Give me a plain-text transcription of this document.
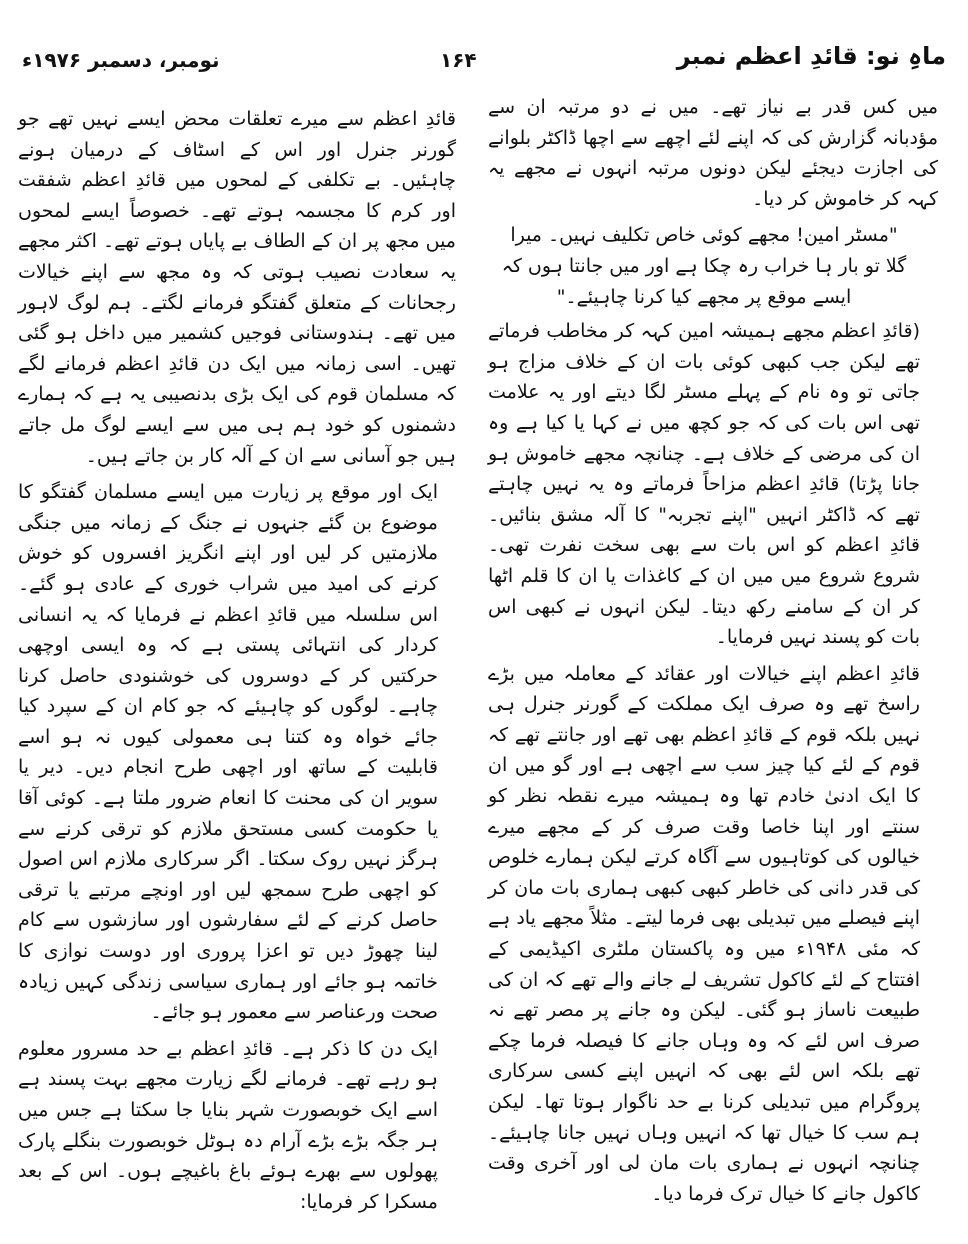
نومبر، دسمبر ۱۹۷۶ء	۱۶۴	ماہِ نو: قائدِ اعظم نمبر

قائدِ اعظم سے میرے تعلقات محض ایسے نہیں تھے جو گورنر جنرل اور اس کے اسٹاف کے درمیان ہونے چاہئیں۔ بے تکلفی کے لمحوں میں قائدِ اعظم شفقت اور کرم کا مجسمہ ہوتے تھے۔ خصوصاً ایسے لمحوں میں مجھ پر ان کے الطاف بے پایاں ہوتے تھے۔ اکثر مجھے یہ سعادت نصیب ہوتی کہ وہ مجھ سے اپنے خیالات رجحانات کے متعلق گفتگو فرمانے لگتے۔ ہم لوگ لاہور میں تھے۔ ہندوستانی فوجیں کشمیر میں داخل ہو گئی تھیں۔ اسی زمانہ میں ایک دن قائدِ اعظم فرمانے لگے کہ مسلمان قوم کی ایک بڑی بدنصیبی یہ ہے کہ ہمارے دشمنوں کو خود ہم ہی میں سے ایسے لوگ مل جاتے ہیں جو آسانی سے ان کے آلہ کار بن جاتے ہیں۔

ایک اور موقع پر زیارت میں ایسے مسلمان گفتگو کا موضوع بن گئے جنہوں نے جنگ کے زمانہ میں جنگی ملازمتیں کر لیں اور اپنے انگریز افسروں کو خوش کرنے کی امید میں شراب خوری کے عادی ہو گئے۔ اس سلسلہ میں قائدِ اعظم نے فرمایا کہ یہ انسانی کردار کی انتہائی پستی ہے کہ وہ ایسی اوچھی حرکتیں کر کے دوسروں کی خوشنودی حاصل کرنا چاہے۔ لوگوں کو چاہیئے کہ جو کام ان کے سپرد کیا جائے خواہ وہ کتنا ہی معمولی کیوں نہ ہو اسے قابلیت کے ساتھ اور اچھی طرح انجام دیں۔ دیر یا سویر ان کی محنت کا انعام ضرور ملتا ہے۔ کوئی آقا یا حکومت کسی مستحق ملازم کو ترقی کرنے سے ہرگز نہیں روک سکتا۔ اگر سرکاری ملازم اس اصول کو اچھی طرح سمجھ لیں اور اونچے مرتبے یا ترقی حاصل کرنے کے لئے سفارشوں اور سازشوں سے کام لینا چھوڑ دیں تو اعزا پروری اور دوست نوازی کا خاتمہ ہو جائے اور ہماری سیاسی زندگی کہیں زیادہ صحت ورعناصر سے معمور ہو جائے۔

ایک دن کا ذکر ہے۔ قائدِ اعظم بے حد مسرور معلوم ہو رہے تھے۔ فرمانے لگے زیارت مجھے بہت پسند ہے اسے ایک خوبصورت شہر بنایا جا سکتا ہے جس میں ہر جگہ بڑے بڑے آرام دہ ہوٹل خوبصورت بنگلے پارک پھولوں سے بھرے ہوئے باغ باغیچے ہوں۔ اس کے بعد مسکرا کر فرمایا:

میں کس قدر بے نیاز تھے۔ میں نے دو مرتبہ ان سے مؤدبانہ گزارش کی کہ اپنے لئے اچھے سے اچھا ڈاکٹر بلوانے کی اجازت دیجئے لیکن دونوں مرتبہ انہوں نے مجھے یہ کہہ کر خاموش کر دیا۔

"مسٹر امین! مجھے کوئی خاص تکلیف نہیں۔ میرا گلا تو بار ہا خراب رہ چکا ہے اور میں جانتا ہوں کہ ایسے موقع پر مجھے کیا کرنا چاہیئے۔"

(قائدِ اعظم مجھے ہمیشہ امین کہہ کر مخاطب فرماتے تھے لیکن جب کبھی کوئی بات ان کے خلاف مزاج ہو جاتی تو وہ نام کے پہلے مسٹر لگا دیتے اور یہ علامت تھی اس بات کی کہ جو کچھ میں نے کہا یا کیا ہے وہ ان کی مرضی کے خلاف ہے۔ چنانچہ مجھے خاموش ہو جانا پڑتا) قائدِ اعظم مزاحاً فرماتے وہ یہ نہیں چاہتے تھے کہ ڈاکٹر انہیں "اپنے تجربہ" کا آلہ مشق بنائیں۔ قائدِ اعظم کو اس بات سے بھی سخت نفرت تھی۔ شروع شروع میں میں ان کے کاغذات یا ان کا قلم اٹھا کر ان کے سامنے رکھ دیتا۔ لیکن انہوں نے کبھی اس بات کو پسند نہیں فرمایا۔

قائدِ اعظم اپنے خیالات اور عقائد کے معاملہ میں بڑے راسخ تھے وہ صرف ایک مملکت کے گورنر جنرل ہی نہیں بلکہ قوم کے قائدِ اعظم بھی تھے اور جانتے تھے کہ قوم کے لئے کیا چیز سب سے اچھی ہے اور گو میں ان کا ایک ادنیٰ خادم تھا وہ ہمیشہ میرے نقطہ نظر کو سنتے اور اپنا خاصا وقت صرف کر کے مجھے میرے خیالوں کی کوتاہیوں سے آگاہ کرتے لیکن ہمارے خلوص کی قدر دانی کی خاطر کبھی کبھی ہماری بات مان کر اپنے فیصلے میں تبدیلی بھی فرما لیتے۔ مثلاً مجھے یاد ہے کہ مئی ۱۹۴۸ء میں وہ پاکستان ملٹری اکیڈیمی کے افتتاح کے لئے کاکول تشریف لے جانے والے تھے کہ ان کی طبیعت ناساز ہو گئی۔ لیکن وہ جانے پر مصر تھے نہ صرف اس لئے کہ وہ وہاں جانے کا فیصلہ فرما چکے تھے بلکہ اس لئے بھی کہ انہیں اپنے کسی سرکاری پروگرام میں تبدیلی کرنا بے حد ناگوار ہوتا تھا۔ لیکن ہم سب کا خیال تھا کہ انہیں وہاں نہیں جانا چاہیئے۔ چنانچہ انہوں نے ہماری بات مان لی اور آخری وقت کاکول جانے کا خیال ترک فرما دیا۔
